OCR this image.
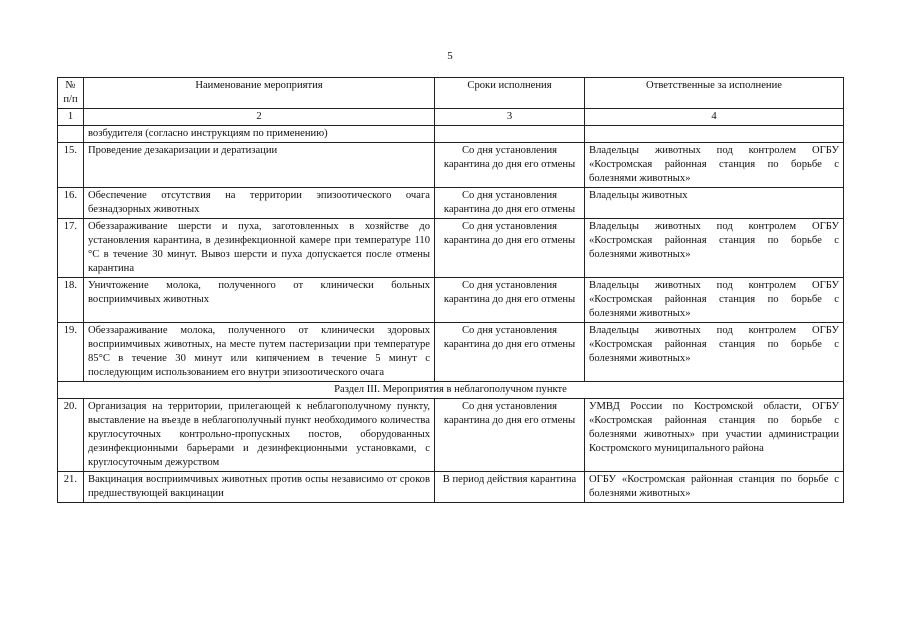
5
№ п/п	Наименование мероприятия	Сроки исполнения	Ответственные за исполнение
1	2	3	4
	возбудителя (согласно инструкциям по применению)		
15.	Проведение дезакаризации и дератизации	Со дня установления карантина до дня его отмены	Владельцы животных под контролем ОГБУ «Костромская районная станция по борьбе с болезнями животных»
16.	Обеспечение отсутствия на территории эпизоотического очага безнадзорных животных	Со дня установления карантина до дня его отмены	Владельцы животных
17.	Обеззараживание шерсти и пуха, заготовленных в хозяйстве до установления карантина, в дезинфекционной камере при температуре 110 °С в течение 30 минут. Вывоз шерсти и пуха допускается после отмены карантина	Со дня установления карантина до дня его отмены	Владельцы животных под контролем ОГБУ «Костромская районная станция по борьбе с болезнями животных»
18.	Уничтожение молока, полученного от клинически больных восприимчивых животных	Со дня установления карантина до дня его отмены	Владельцы животных под контролем ОГБУ «Костромская районная станция по борьбе с болезнями животных»
19.	Обеззараживание молока, полученного от клинически здоровых восприимчивых животных, на месте путем пастеризации при температуре 85°С в течение 30 минут или кипячением в течение 5 минут с последующим использованием его внутри эпизоотического очага	Со дня установления карантина до дня его отмены	Владельцы животных под контролем ОГБУ «Костромская районная станция по борьбе с болезнями животных»
Раздел III. Мероприятия в неблагополучном пункте			
20.	Организация на территории, прилегающей к неблагополучному пункту, выставление на въезде в неблагополучный пункт необходимого количества круглосуточных контрольно-пропускных постов, оборудованных дезинфекционными барьерами и дезинфекционными установками, с круглосуточным дежурством	Со дня установления карантина до дня его отмены	УМВД России по Костромской области, ОГБУ «Костромская районная станция по борьбе с болезнями животных» при участии администрации Костромского муниципального района
21.	Вакцинация восприимчивых животных против оспы независимо от сроков предшествующей вакцинации	В период действия карантина	ОГБУ «Костромская районная станция по борьбе с болезнями животных»
